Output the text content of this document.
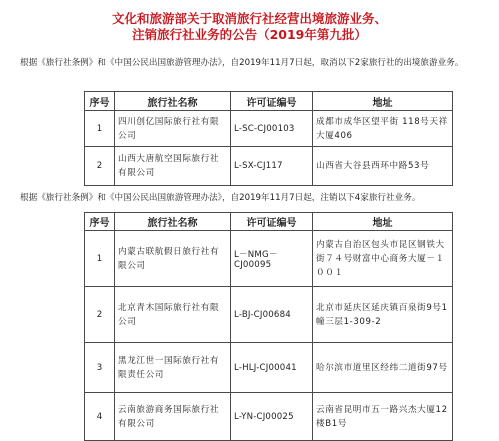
文化和旅游部关于取消旅行社经营出境旅游业务、
注销旅行社业务的公告（2019年第九批）
根据《旅行社条例》和《中国公民出国旅游管理办法》，自2019年11月7日起，取消以下2家旅行社的出境旅游业务。
序号	旅行社名称	许可证编号	地址
1	四川创亿国际旅行社有限公司	L-SC-CJ00103	成都市成华区望平街 118号天祥大厦406
2	山西大唐航空国际旅行社有限公司	L-SX-CJ117	山西省大谷县西环中路53号
根据《旅行社条例》和《中国公民出国旅游管理办法》，自2019年11月7日起，注销以下4家旅行社业务。
序号	旅行社名称	许可证编号	地址
1	内蒙古联航假日旅行社有限公司	L－NMG－CJ00095	内蒙古自治区包头市昆区钢铁大街７４号财富中心商务大厦－１００１
2	北京青木国际旅行社有限公司	L-BJ-CJ00684	北京市延庆区延庆镇百泉街9号1幢三层1-309-2
3	黑龙江世一国际旅行社有限责任公司	L-HLJ-CJ00041	哈尔滨市道里区经纬二道街97号
4	云南旅游商务国际旅行社有限公司	L-YN-CJ00025	云南省昆明市五一路兴杰大厦12楼B1号
